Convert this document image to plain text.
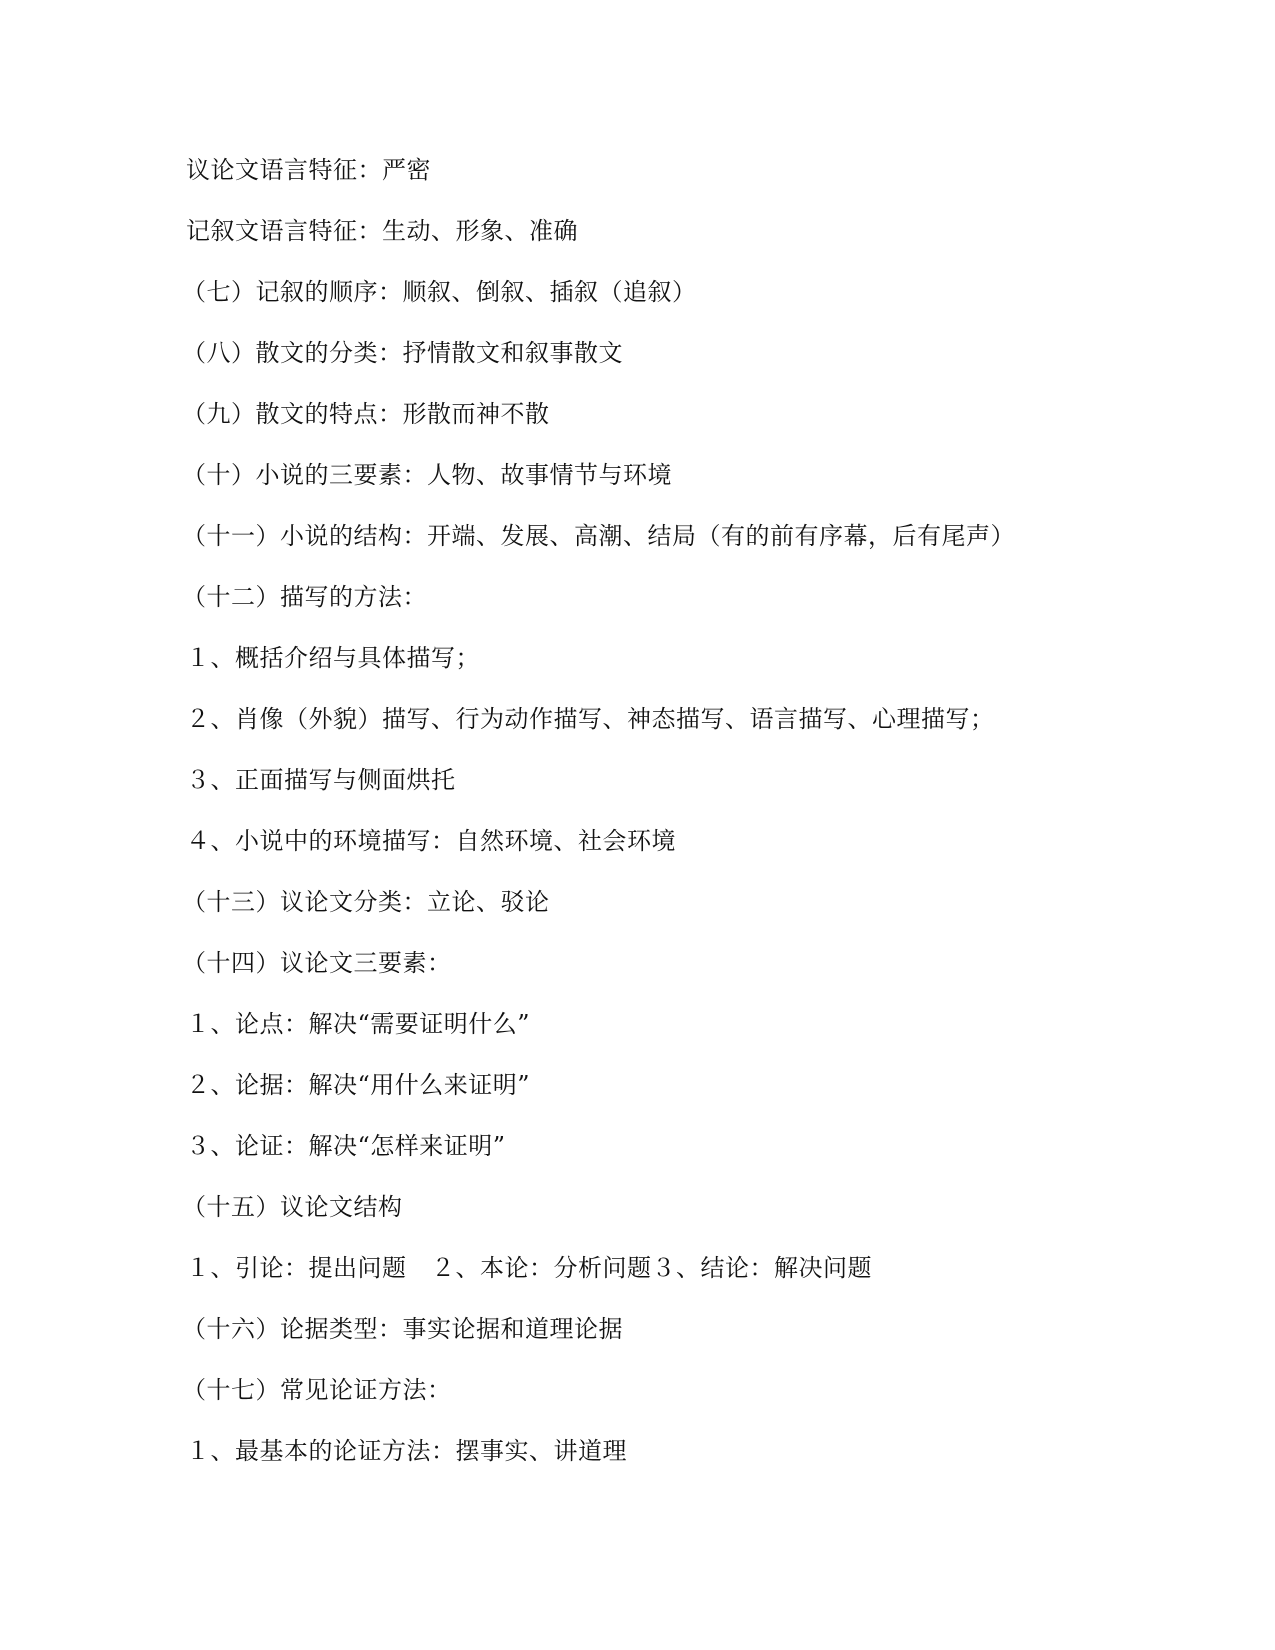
议论文语言特征：严密
记叙文语言特征：生动、形象、准确
（七）记叙的顺序：顺叙、倒叙、插叙（追叙）
（八）散文的分类：抒情散文和叙事散文
（九）散文的特点：形散而神不散
（十）小说的三要素：人物、故事情节与环境
（十一）小说的结构：开端、发展、高潮、结局（有的前有序幕，后有尾声）
（十二）描写的方法：
１、概括介绍与具体描写；
２、肖像（外貌）描写、行为动作描写、神态描写、语言描写、心理描写；
３、正面描写与侧面烘托
４、小说中的环境描写：自然环境、社会环境
（十三）议论文分类：立论、驳论
（十四）议论文三要素：
１、论点：解决“需要证明什么”
２、论据：解决“用什么来证明”
３、论证：解决“怎样来证明”
（十五）议论文结构
１、引论：提出问题　２、本论：分析问题３、结论：解决问题
（十六）论据类型：事实论据和道理论据
（十七）常见论证方法：
１、最基本的论证方法：摆事实、讲道理
